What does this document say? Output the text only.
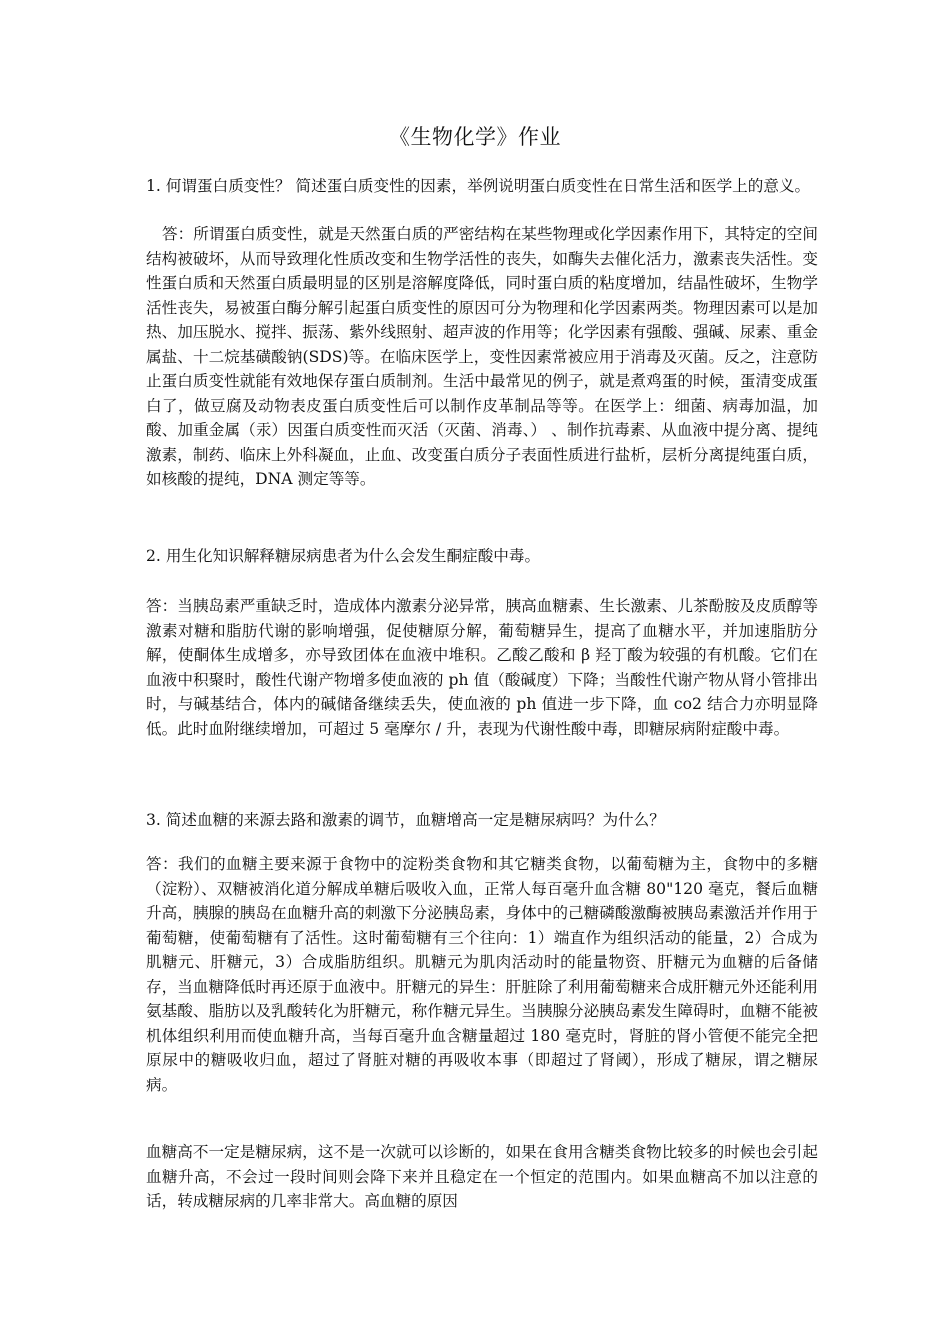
《生物化学》作业

1. 何谓蛋白质变性？ 简述蛋白质变性的因素，举例说明蛋白质变性在日常生活和医学上的意义。

答：所谓蛋白质变性，就是天然蛋白质的严密结构在某些物理或化学因素作用下，其特定的空间结构被破坏，从而导致理化性质改变和生物学活性的丧失，如酶失去催化活力，激素丧失活性。变性蛋白质和天然蛋白质最明显的区别是溶解度降低，同时蛋白质的粘度增加，结晶性破坏，生物学活性丧失，易被蛋白酶分解引起蛋白质变性的原因可分为物理和化学因素两类。物理因素可以是加热、加压脱水、搅拌、振荡、紫外线照射、超声波的作用等；化学因素有强酸、强碱、尿素、重金属盐、十二烷基磺酸钠(SDS)等。在临床医学上，变性因素常被应用于消毒及灭菌。反之，注意防止蛋白质变性就能有效地保存蛋白质制剂。生活中最常见的例子，就是煮鸡蛋的时候，蛋清变成蛋白了，做豆腐及动物表皮蛋白质变性后可以制作皮革制品等等。在医学上：细菌、病毒加温，加酸、加重金属（汞）因蛋白质变性而灭活（灭菌、消毒、） 、制作抗毒素、从血液中提分离、提纯激素，制药、临床上外科凝血，止血、改变蛋白质分子表面性质进行盐析，层析分离提纯蛋白质，如核酸的提纯，DNA 测定等等。

2. 用生化知识解释糖尿病患者为什么会发生酮症酸中毒。

答：当胰岛素严重缺乏时，造成体内激素分泌异常，胰高血糖素、生长激素、儿茶酚胺及皮质醇等激素对糖和脂肪代谢的影响增强，促使糖原分解，葡萄糖异生，提高了血糖水平，并加速脂肪分解，使酮体生成增多，亦导致团体在血液中堆积。乙酸乙酸和 β 羟丁酸为较强的有机酸。它们在血液中积聚时，酸性代谢产物增多使血液的 ph 值（酸碱度）下降；当酸性代谢产物从肾小管排出时，与碱基结合，体内的碱储备继续丢失，使血液的 ph 值进一步下降，血 co2 结合力亦明显降低。此时血附继续增加，可超过 5 毫摩尔 / 升，表现为代谢性酸中毒，即糖尿病附症酸中毒。

3. 简述血糖的来源去路和激素的调节，血糖增高一定是糖尿病吗？为什么？

答：我们的血糖主要来源于食物中的淀粉类食物和其它糖类食物，以葡萄糖为主，食物中的多糖（淀粉）、双糖被消化道分解成单糖后吸收入血，正常人每百毫升血含糖 80"120 毫克，餐后血糖升高，胰腺的胰岛在血糖升高的刺激下分泌胰岛素，身体中的己糖磷酸激酶被胰岛素激活并作用于葡萄糖，使葡萄糖有了活性。这时葡萄糖有三个往向：1）端直作为组织活动的能量，2）合成为肌糖元、肝糖元，3）合成脂肪组织。肌糖元为肌肉活动时的能量物资、肝糖元为血糖的后备储存，当血糖降低时再还原于血液中。肝糖元的异生：肝脏除了利用葡萄糖来合成肝糖元外还能利用氨基酸、脂肪以及乳酸转化为肝糖元，称作糖元异生。当胰腺分泌胰岛素发生障碍时，血糖不能被机体组织利用而使血糖升高，当每百毫升血含糖量超过 180 毫克时，肾脏的肾小管便不能完全把原尿中的糖吸收归血，超过了肾脏对糖的再吸收本事（即超过了肾阈），形成了糖尿，谓之糖尿病。

血糖高不一定是糖尿病，这不是一次就可以诊断的，如果在食用含糖类食物比较多的时候也会引起血糖升高，不会过一段时间则会降下来并且稳定在一个恒定的范围内。如果血糖高不加以注意的话，转成糖尿病的几率非常大。高血糖的原因
